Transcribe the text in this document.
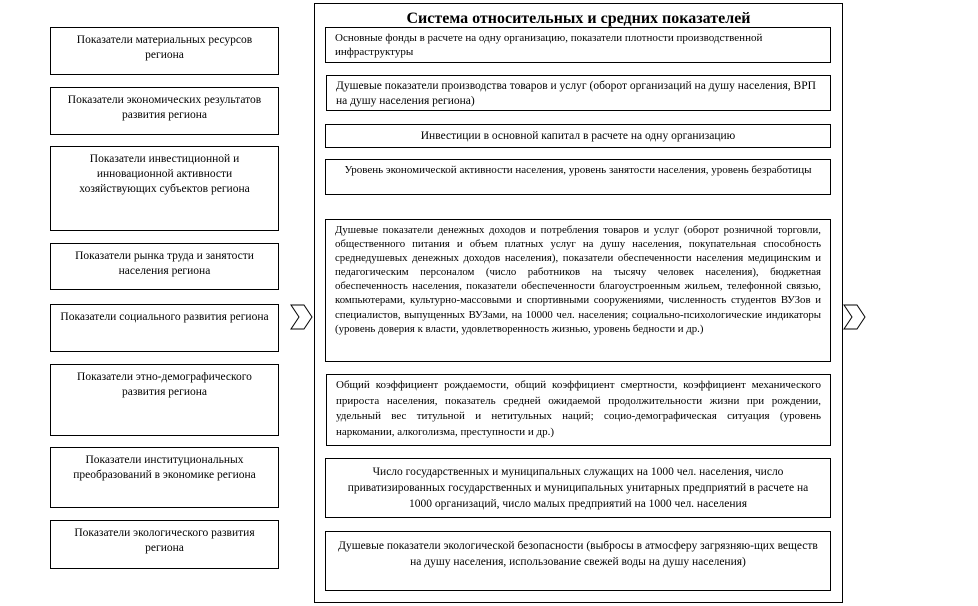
Система относительных и средних показателей
Показатели материальных ресурсов региона
Показатели экономических результатов развития региона
Показатели инвестиционной и инновационной активности хозяйствующих субъектов региона
Показатели рынка труда и занятости населения региона
Показатели социального развития региона
Показатели этно-демографического развития региона
Показатели институциональных преобразований в экономике региона
Показатели экологического развития региона
Основные фонды в расчете на одну организацию, показатели плотности производственной инфраструктуры
Душевые показатели производства товаров и услуг (оборот организаций на душу населения, ВРП на душу населения региона)
Инвестиции в основной капитал в расчете на одну организацию
Уровень экономической активности населения, уровень занятости населения, уровень безработицы
Душевые показатели денежных доходов и потребления товаров и услуг (оборот розничной торговли, общественного питания и объем платных услуг на душу населения, покупательная способность среднедушевых денежных доходов населения), показатели обеспеченности населения медицинским и педагогическим персоналом (число работников на тысячу человек населения), бюджетная обеспеченность населения, показатели обеспеченности благоустроенным жильем, телефонной связью, компьютерами, культурно-массовыми и спортивными сооружениями, численность студентов ВУЗов и специалистов, выпущенных ВУЗами, на 10000 чел. населения; социально-психологические индикаторы (уровень доверия к власти, удовлетворенность жизнью, уровень бедности и др.)
Общий коэффициент рождаемости, общий коэффициент смертности, коэффициент механического прироста населения, показатель средней ожидаемой продолжительности жизни при рождении, удельный вес титульной и нетитульных наций; социо-демографическая ситуация (уровень наркомании, алкоголизма, преступности и др.)
Число государственных и муниципальных служащих на 1000 чел. населения, число приватизированных государственных и муниципальных унитарных предприятий в расчете на 1000 организаций, число малых предприятий на 1000 чел. населения
Душевые показатели экологической безопасности (выбросы в атмосферу загрязняю-щих веществ на душу населения, использование свежей воды на душу населения)
